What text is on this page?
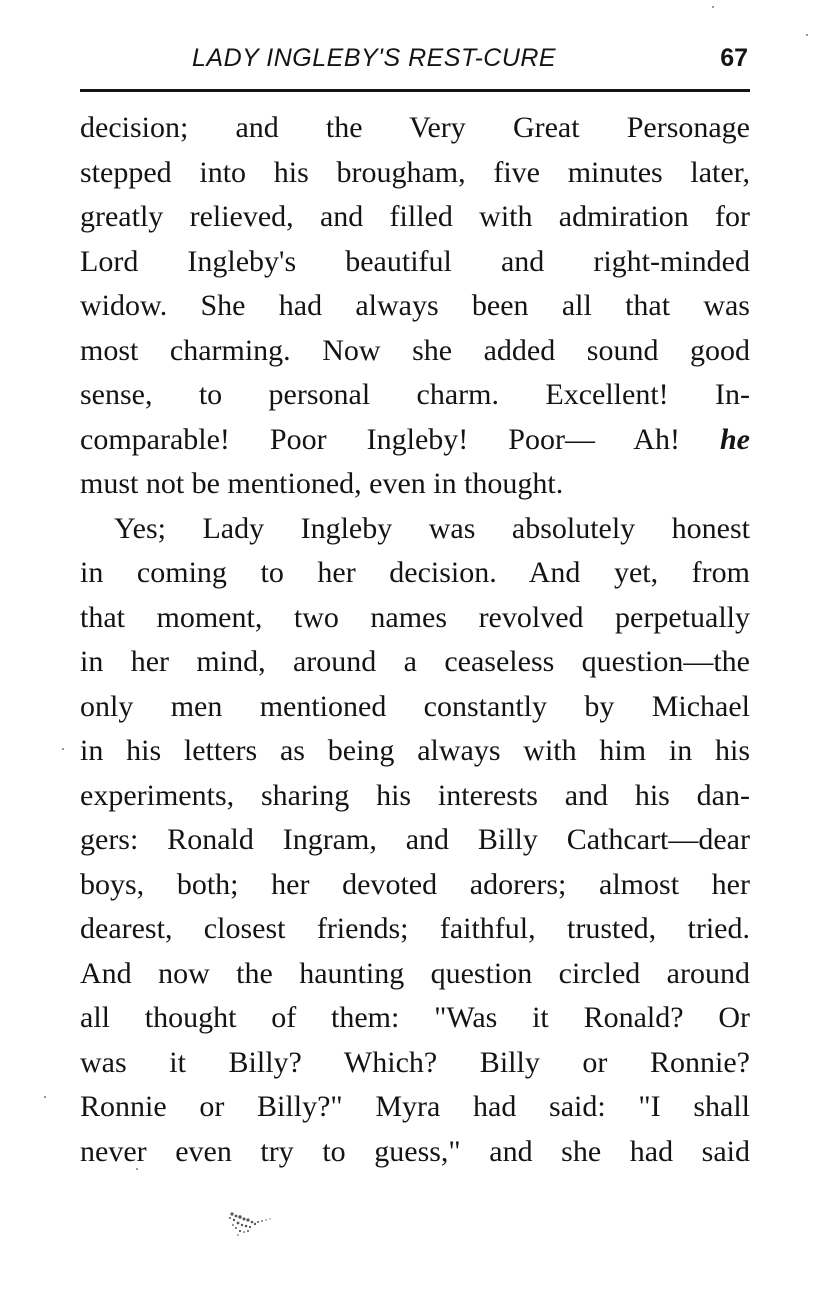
LADY INGLEBY'S REST-CURE	67
decision; and the Very Great Personage
stepped into his brougham, five minutes later,
greatly relieved, and filled with admiration for
Lord Ingleby's beautiful and right-minded
widow. She had always been all that was
most charming. Now she added sound good
sense, to personal charm. Excellent! In-
comparable! Poor Ingleby! Poor— Ah! he
must not be mentioned, even in thought.
Yes; Lady Ingleby was absolutely honest
in coming to her decision. And yet, from
that moment, two names revolved perpetually
in her mind, around a ceaseless question—the
only men mentioned constantly by Michael
in his letters as being always with him in his
experiments, sharing his interests and his dan-
gers: Ronald Ingram, and Billy Cathcart—dear
boys, both; her devoted adorers; almost her
dearest, closest friends; faithful, trusted, tried.
And now the haunting question circled around
all thought of them: "Was it Ronald? Or
was it Billy? Which? Billy or Ronnie?
Ronnie or Billy?" Myra had said: "I shall
never even try to guess," and she had said
